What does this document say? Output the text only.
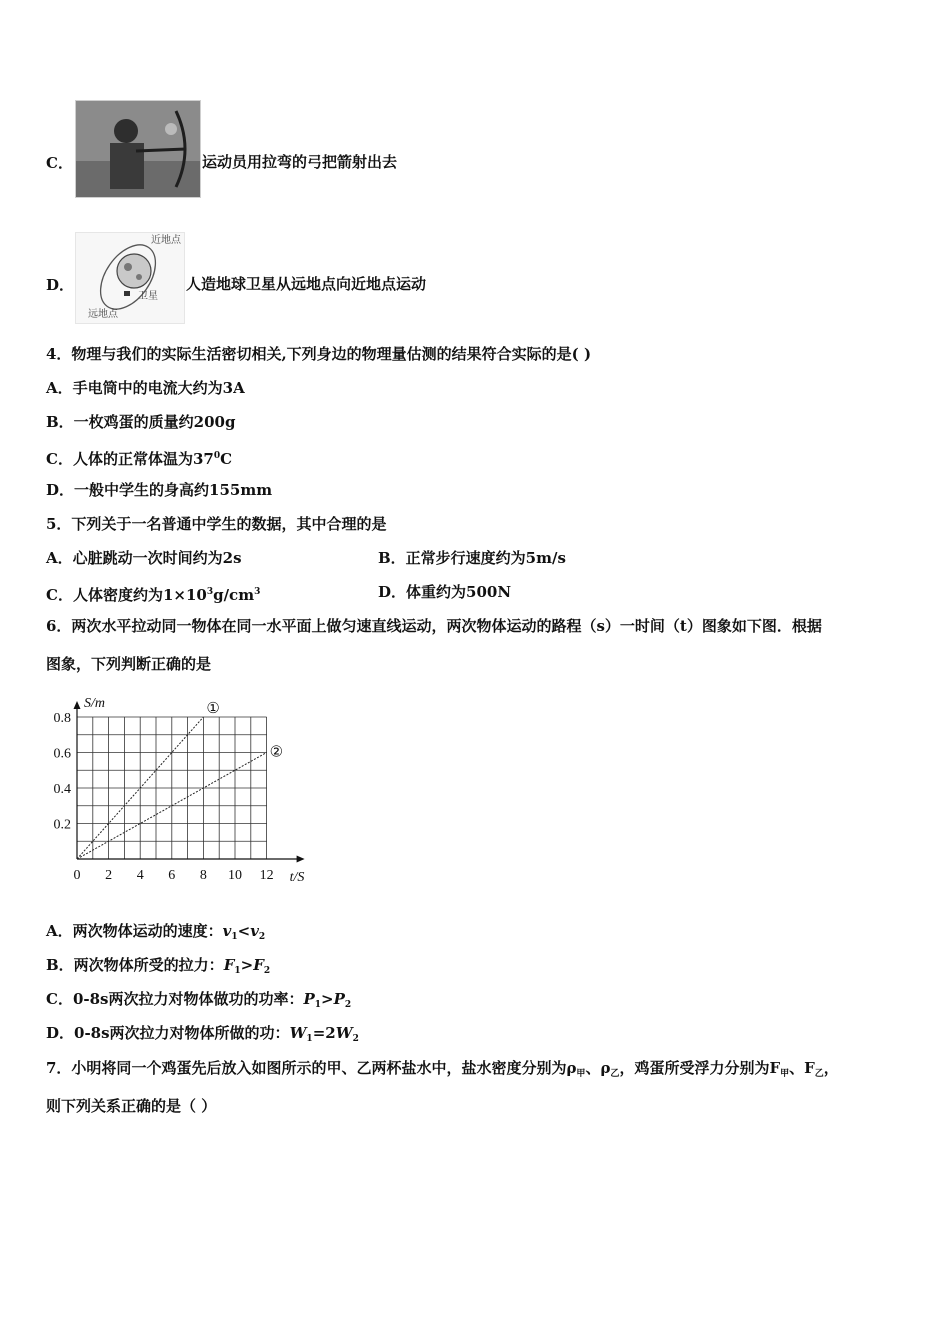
C．	运动员用拉弯的弓把箭射出去
D．
近地点
卫星
远地点
人造地球卫星从远地点向近地点运动
4．物理与我们的实际生活密切相关,下列身边的物理量估测的结果符合实际的是( )
A．手电筒中的电流大约为3A
B．一枚鸡蛋的质量约200g
C．人体的正常体温为$37^0C$
D．一般中学生的身高约155mm
5．下列关于一名普通中学生的数据，其中合理的是
A．心脏跳动一次时间约为2s	B．正常步行速度约为5m/s
C．人体密度约为$1\times 10^3g/cm^3$	D．体重约为500N
6．两次水平拉动同一物体在同一水平面上做匀速直线运动，两次物体运动的路程（s）一时间（t）图象如下图．根据
图象，下列判断正确的是
0 2 4 6 8 10 12
0.2
0.4
0.6
0.8
S/m
t/S
①
②
A．两次物体运动的速度：$v_1<v_2$
B．两次物体所受的拉力：$F_1>F_2$
C．0-8s两次拉力对物体做功的功率：$P_1>P_2$
D．0-8s两次拉力对物体所做的功：$W_1=2W_2$
7．小明将同一个鸡蛋先后放入如图所示的甲、乙两杯盐水中，盐水密度分别为$\rho_甲$、$\rho_乙$，鸡蛋所受浮力分别为$F_甲$、$F_乙$，
则下列关系正确的是（ ）
